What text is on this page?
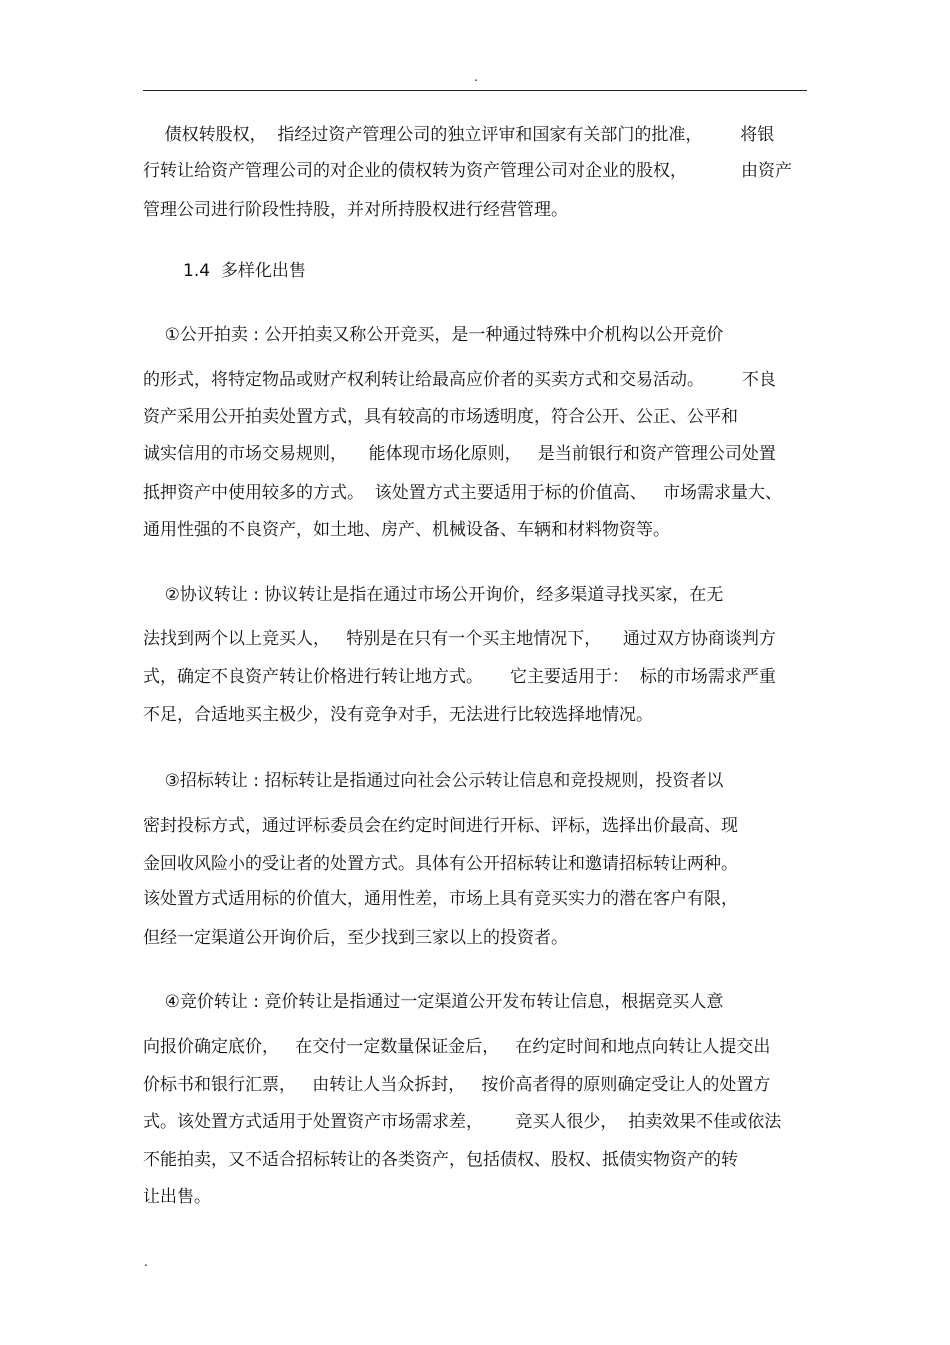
.
债权转股权，  指经过资产管理公司的独立评审和国家有关部门的批准，       将银
行转让给资产管理公司的对企业的债权转为资产管理公司对企业的股权，          由资产
管理公司进行阶段性持股，并对所持股权进行经营管理。
1.4  多样化出售
①公开拍卖 : 公开拍卖又称公开竞买，是一种通过特殊中介机构以公开竞价
的形式，将特定物品或财产权利转让给最高应价者的买卖方式和交易活动。       不良
资产采用公开拍卖处置方式，具有较高的市场透明度，符合公开、公正、公平和
诚实信用的市场交易规则，    能体现市场化原则，   是当前银行和资产管理公司处置
抵押资产中使用较多的方式。  该处置方式主要适用于标的价值高、   市场需求量大、
通用性强的不良资产，如土地、房产、机械设备、车辆和材料物资等。
②协议转让 : 协议转让是指在通过市场公开询价，经多渠道寻找买家，在无
法找到两个以上竞买人，   特别是在只有一个买主地情况下，    通过双方协商谈判方
式，确定不良资产转让价格进行转让地方式。     它主要适用于：  标的市场需求严重
不足，合适地买主极少，没有竞争对手，无法进行比较选择地情况。
③招标转让 : 招标转让是指通过向社会公示转让信息和竞投规则，投资者以
密封投标方式，通过评标委员会在约定时间进行开标、评标，选择出价最高、现
金回收风险小的受让者的处置方式。具体有公开招标转让和邀请招标转让两种。
该处置方式适用标的价值大，通用性差，市场上具有竞买实力的潜在客户有限，
但经一定渠道公开询价后，至少找到三家以上的投资者。
④竞价转让 : 竞价转让是指通过一定渠道公开发布转让信息，根据竞买人意
向报价确定底价，   在交付一定数量保证金后，   在约定时间和地点向转让人提交出
价标书和银行汇票，   由转让人当众拆封，   按价高者得的原则确定受让人的处置方
式。该处置方式适用于处置资产市场需求差，      竞买人很少，  拍卖效果不佳或依法
不能拍卖，又不适合招标转让的各类资产，包括债权、股权、抵债实物资产的转
让出售。
.
